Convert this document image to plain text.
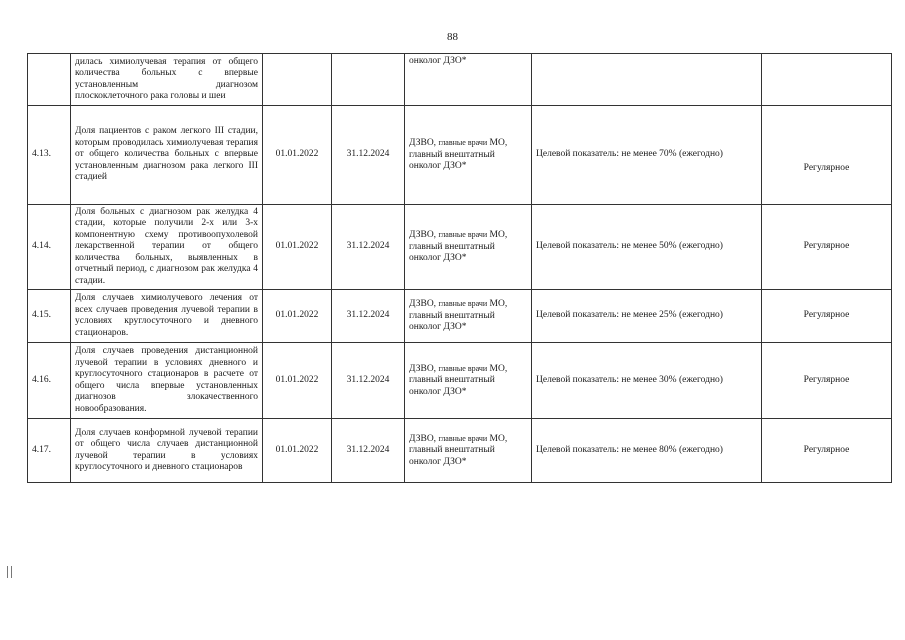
88
	дилась химиолучевая терапия от общего количества больных с впервые установленным диагнозом плоскоклеточного рака головы и шеи			онколог ДЗО*		
4.13.	Доля пациентов с раком легкого III стадии, которым проводилась химиолучевая терапия от общего количества больных с впервые установленным диагнозом рака легкого III стадией	01.01.2022	31.12.2024	ДЗВО, главные врачи МО, главный внештатный онколог ДЗО*	Целевой показатель: не менее 70% (ежегодно)	Регулярное
4.14.	Доля больных с диагнозом рак желудка 4 стадии, которые получили 2-х или 3-х компонентную схему противоопухолевой лекарственной терапии от общего количества больных, выявленных в отчетный период, с диагнозом рак желудка 4 стадии.	01.01.2022	31.12.2024	ДЗВО, главные врачи МО, главный внештатный онколог ДЗО*	Целевой показатель: не менее 50% (ежегодно)	Регулярное
4.15.	Доля случаев химиолучевого лечения от всех случаев проведения лучевой терапии в условиях круглосуточного и дневного стационаров.	01.01.2022	31.12.2024	ДЗВО, главные врачи МО, главный внештатный онколог ДЗО*	Целевой показатель: не менее 25% (ежегодно)	Регулярное
4.16.	Доля случаев проведения дистанционной лучевой терапии в условиях дневного и круглосуточного стационаров в расчете от общего числа впервые установленных диагнозов злокачественного новообразования.	01.01.2022	31.12.2024	ДЗВО, главные врачи МО, главный внештатный онколог ДЗО*	Целевой показатель: не менее 30% (ежегодно)	Регулярное
4.17.	Доля случаев конформной лучевой терапии от общего числа случаев дистанционной лучевой терапии в условиях круглосуточного и дневного стационаров	01.01.2022	31.12.2024	ДЗВО, главные врачи МО, главный внештатный онколог ДЗО*	Целевой показатель: не менее 80% (ежегодно)	Регулярное
